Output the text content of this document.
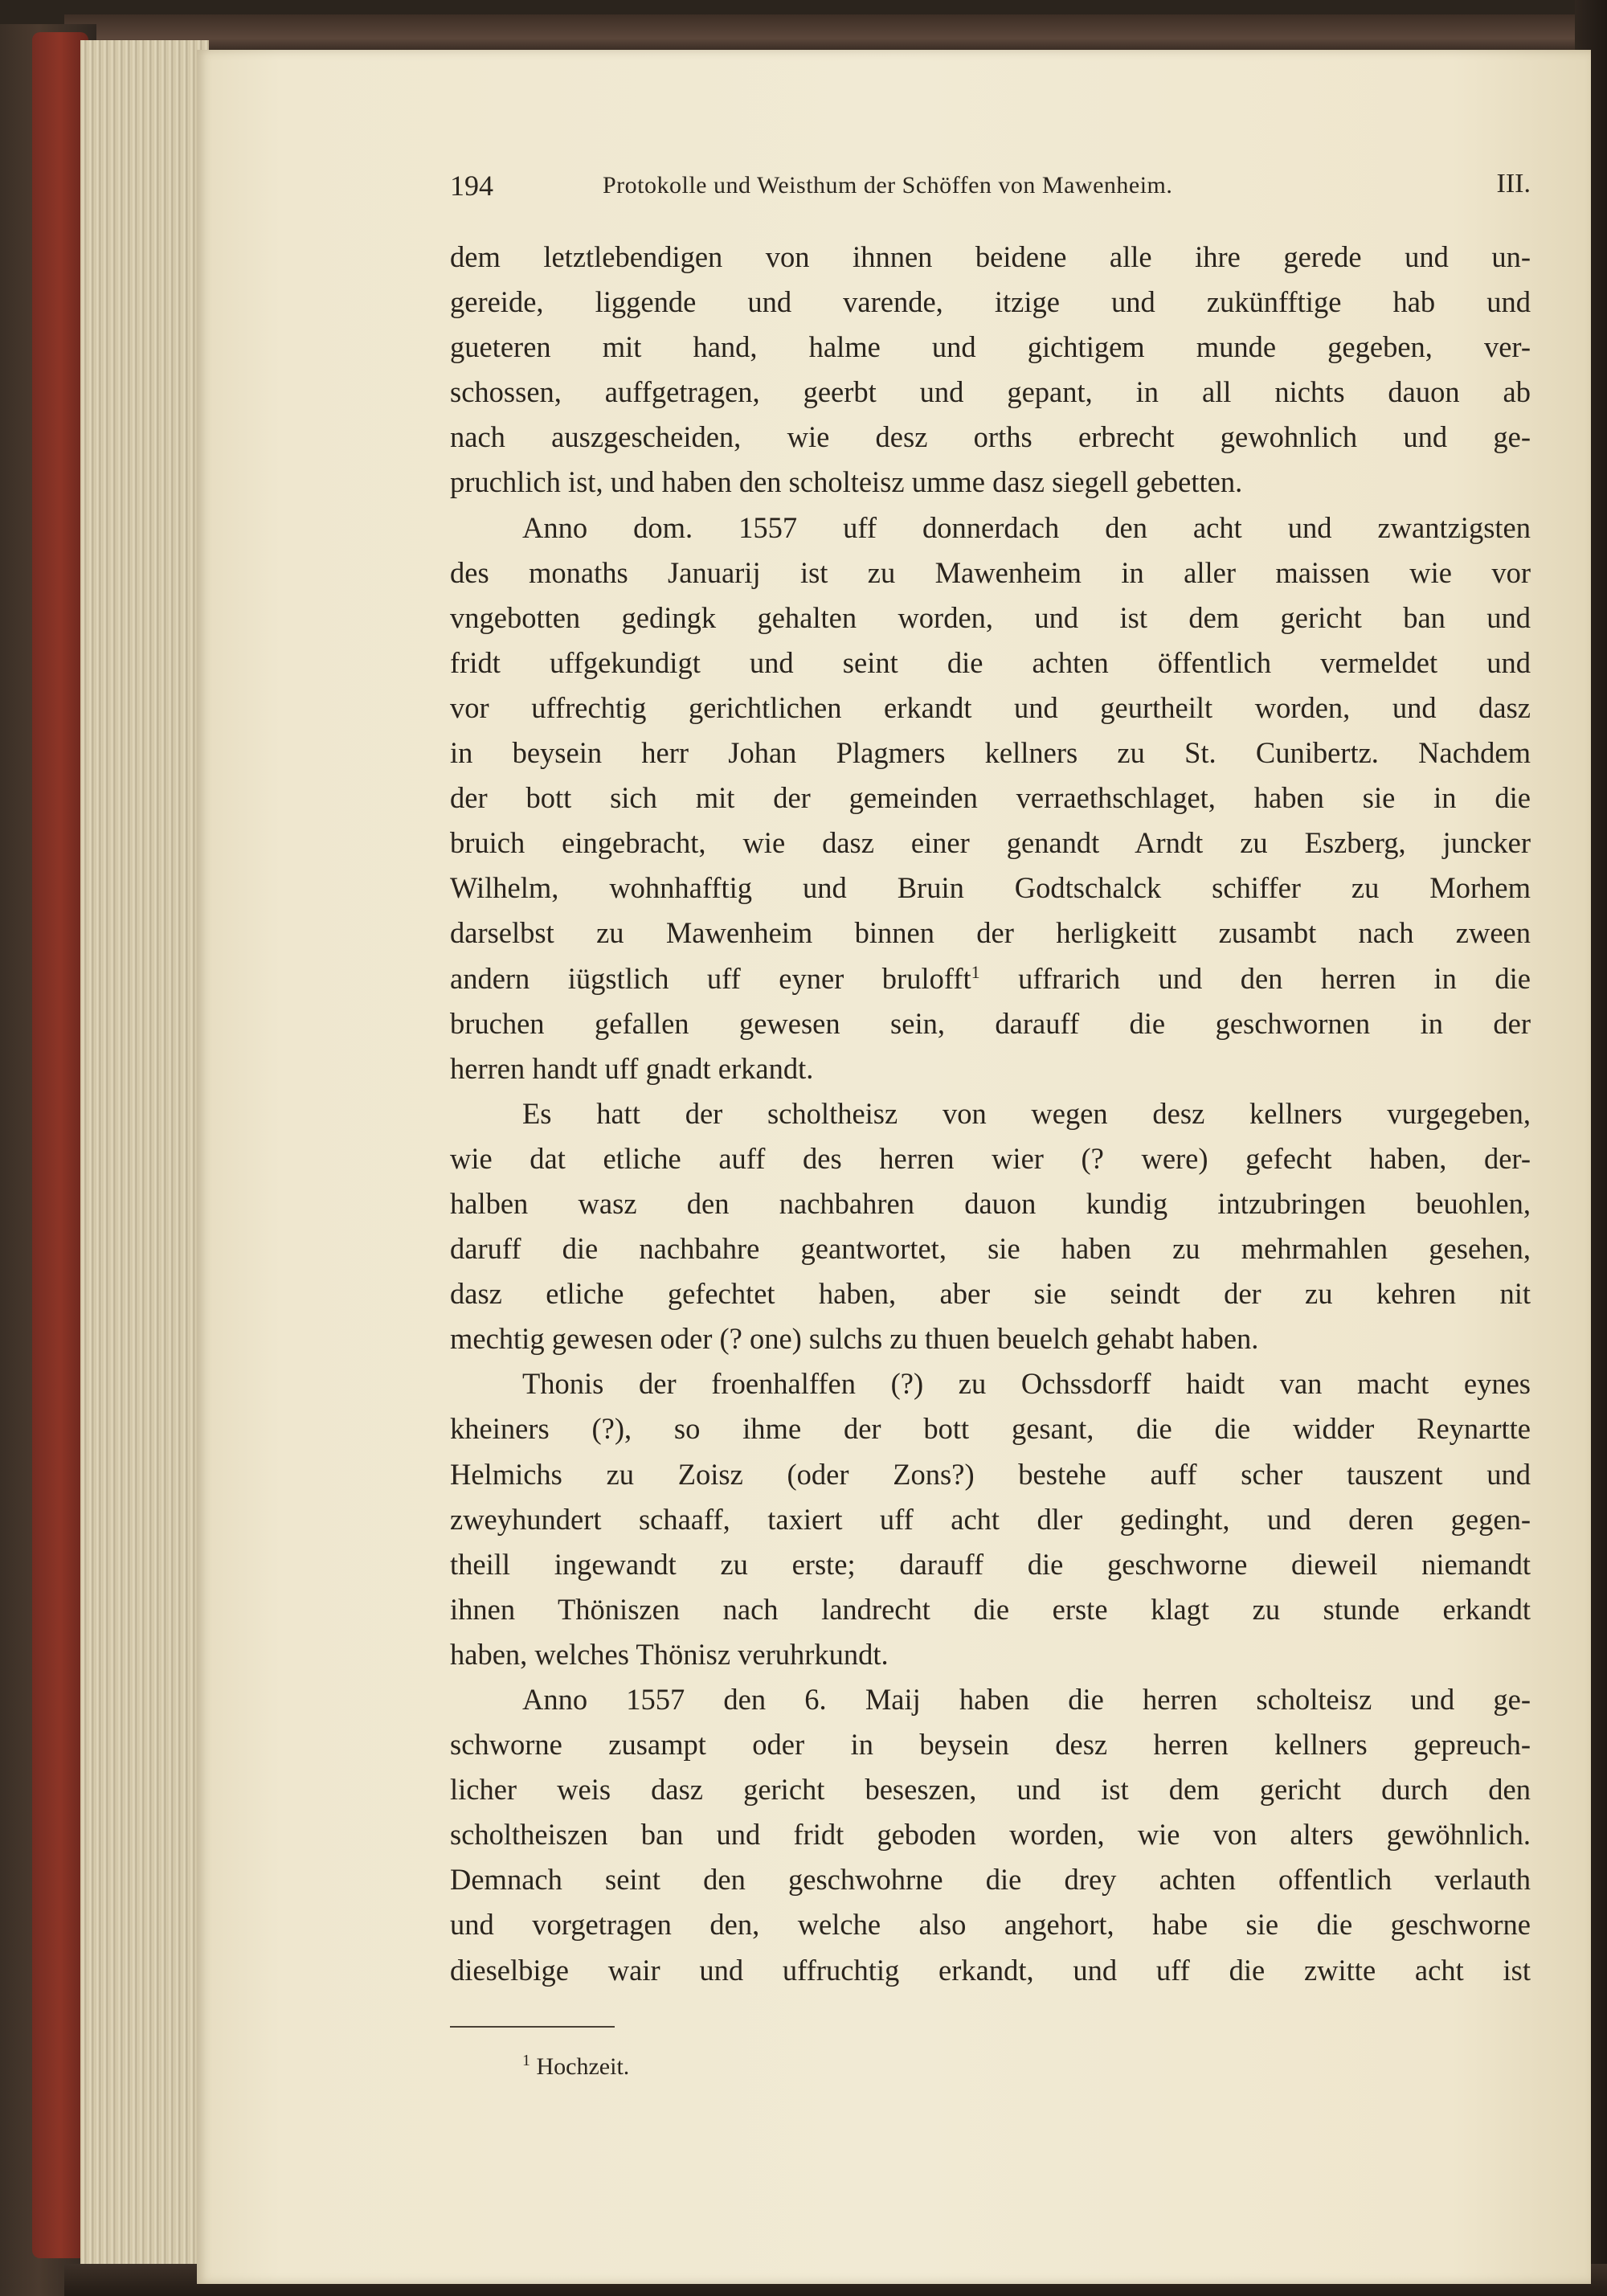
194	Protokolle und Weisthum der Schöffen von Mawenheim.	III.
dem letztlebendigen von ihnnen beidene alle ihre gerede und un-
gereide, liggende und varende, itzige und zukünfftige hab und
gueteren mit hand, halme und gichtigem munde gegeben, ver-
schossen, auffgetragen, geerbt und gepant, in all nichts dauon ab
nach auszgescheiden, wie desz orths erbrecht gewohnlich und ge-
pruchlich ist, und haben den scholteisz umme dasz siegell gebetten.
Anno dom. 1557 uff donnerdach den acht und zwantzigsten
des monaths Januarij ist zu Mawenheim in aller maissen wie vor
vngebotten gedingk gehalten worden, und ist dem gericht ban und
fridt uffgekundigt und seint die achten öffentlich vermeldet und
vor uffrechtig gerichtlichen erkandt und geurtheilt worden, und dasz
in beysein herr Johan Plagmers kellners zu St. Cunibertz. Nachdem
der bott sich mit der gemeinden verraethschlaget, haben sie in die
bruich eingebracht, wie dasz einer genandt Arndt zu Eszberg, juncker
Wilhelm, wohnhafftig und Bruin Godtschalck schiffer zu Morhem
darselbst zu Mawenheim binnen der herligkeitt zusambt nach zween
andern iügstlich uff eyner brulofft$^1$ uffrarich und den herren in die
bruchen gefallen gewesen sein, darauff die geschwornen in der
herren handt uff gnadt erkandt.
Es hatt der scholtheisz von wegen desz kellners vurgegeben,
wie dat etliche auff des herren wier (? were) gefecht haben, der-
halben wasz den nachbahren dauon kundig intzubringen beuohlen,
daruff die nachbahre geantwortet, sie haben zu mehrmahlen gesehen,
dasz etliche gefechtet haben, aber sie seindt der zu kehren nit
mechtig gewesen oder (? one) sulchs zu thuen beuelch gehabt haben.
Thonis der froenhalffen (?) zu Ochssdorff haidt van macht eynes
kheiners (?), so ihme der bott gesant, die die widder Reynartte
Helmichs zu Zoisz (oder Zons?) bestehe auff scher tauszent und
zweyhundert schaaff, taxiert uff acht dler gedinght, und deren gegen-
theill ingewandt zu erste; darauff die geschworne dieweil niemandt
ihnen Thöniszen nach landrecht die erste klagt zu stunde erkandt
haben, welches Thönisz veruhrkundt.
Anno 1557 den 6. Maij haben die herren scholteisz und ge-
schworne zusampt oder in beysein desz herren kellners gepreuch-
licher weis dasz gericht beseszen, und ist dem gericht durch den
scholtheiszen ban und fridt geboden worden, wie von alters gewöhnlich.
Demnach seint den geschwohrne die drey achten offentlich verlauth
und vorgetragen den, welche also angehort, habe sie die geschworne
dieselbige wair und uffruchtig erkandt, und uff die zwitte acht ist
$^1$ Hochzeit.
